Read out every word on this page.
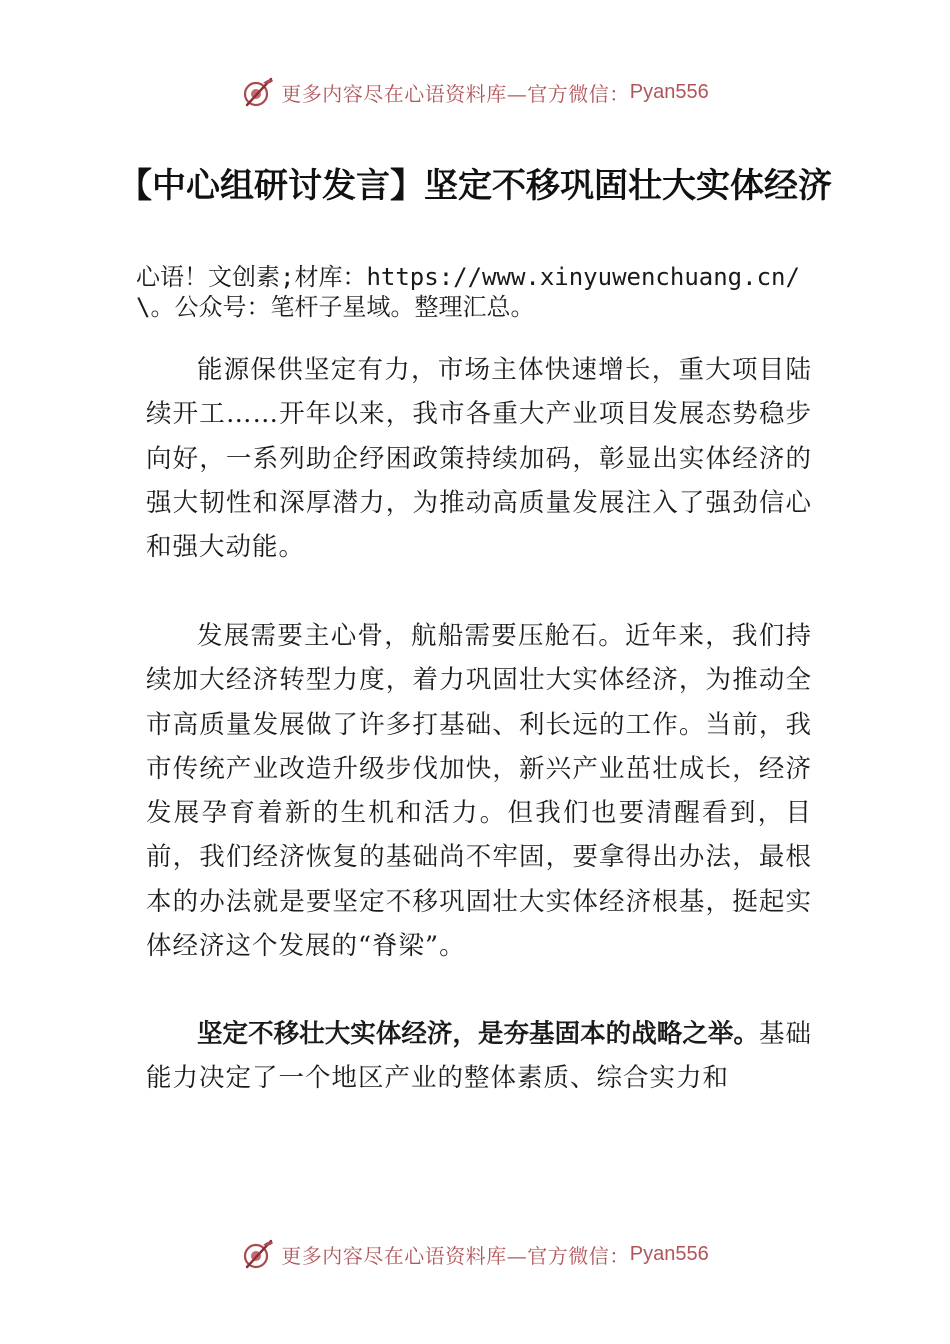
更多内容尽在心语资料库—官方微信： Pyan556
【中心组研讨发言】坚定不移巩固壮大实体经济
心语！文创素;材库：https://www.xinyuwenchuang.cn/\。公众号：笔杆子星域。整理汇总。
能源保供坚定有力，市场主体快速增长，重大项目陆续开工……开年以来，我市各重大产业项目发展态势稳步向好，一系列助企纾困政策持续加码，彰显出实体经济的强大韧性和深厚潜力，为推动高质量发展注入了强劲信心和强大动能。
发展需要主心骨，航船需要压舱石。近年来，我们持续加大经济转型力度，着力巩固壮大实体经济，为推动全市高质量发展做了许多打基础、利长远的工作。当前，我市传统产业改造升级步伐加快，新兴产业茁壮成长，经济发展孕育着新的生机和活力。但我们也要清醒看到，目前，我们经济恢复的基础尚不牢固，要拿得出办法，最根本的办法就是要坚定不移巩固壮大实体经济根基，挺起实体经济这个发展的“脊梁”。
坚定不移壮大实体经济，是夯基固本的战略之举。基础能力决定了一个地区产业的整体素质、综合实力和
更多内容尽在心语资料库—官方微信： Pyan556
